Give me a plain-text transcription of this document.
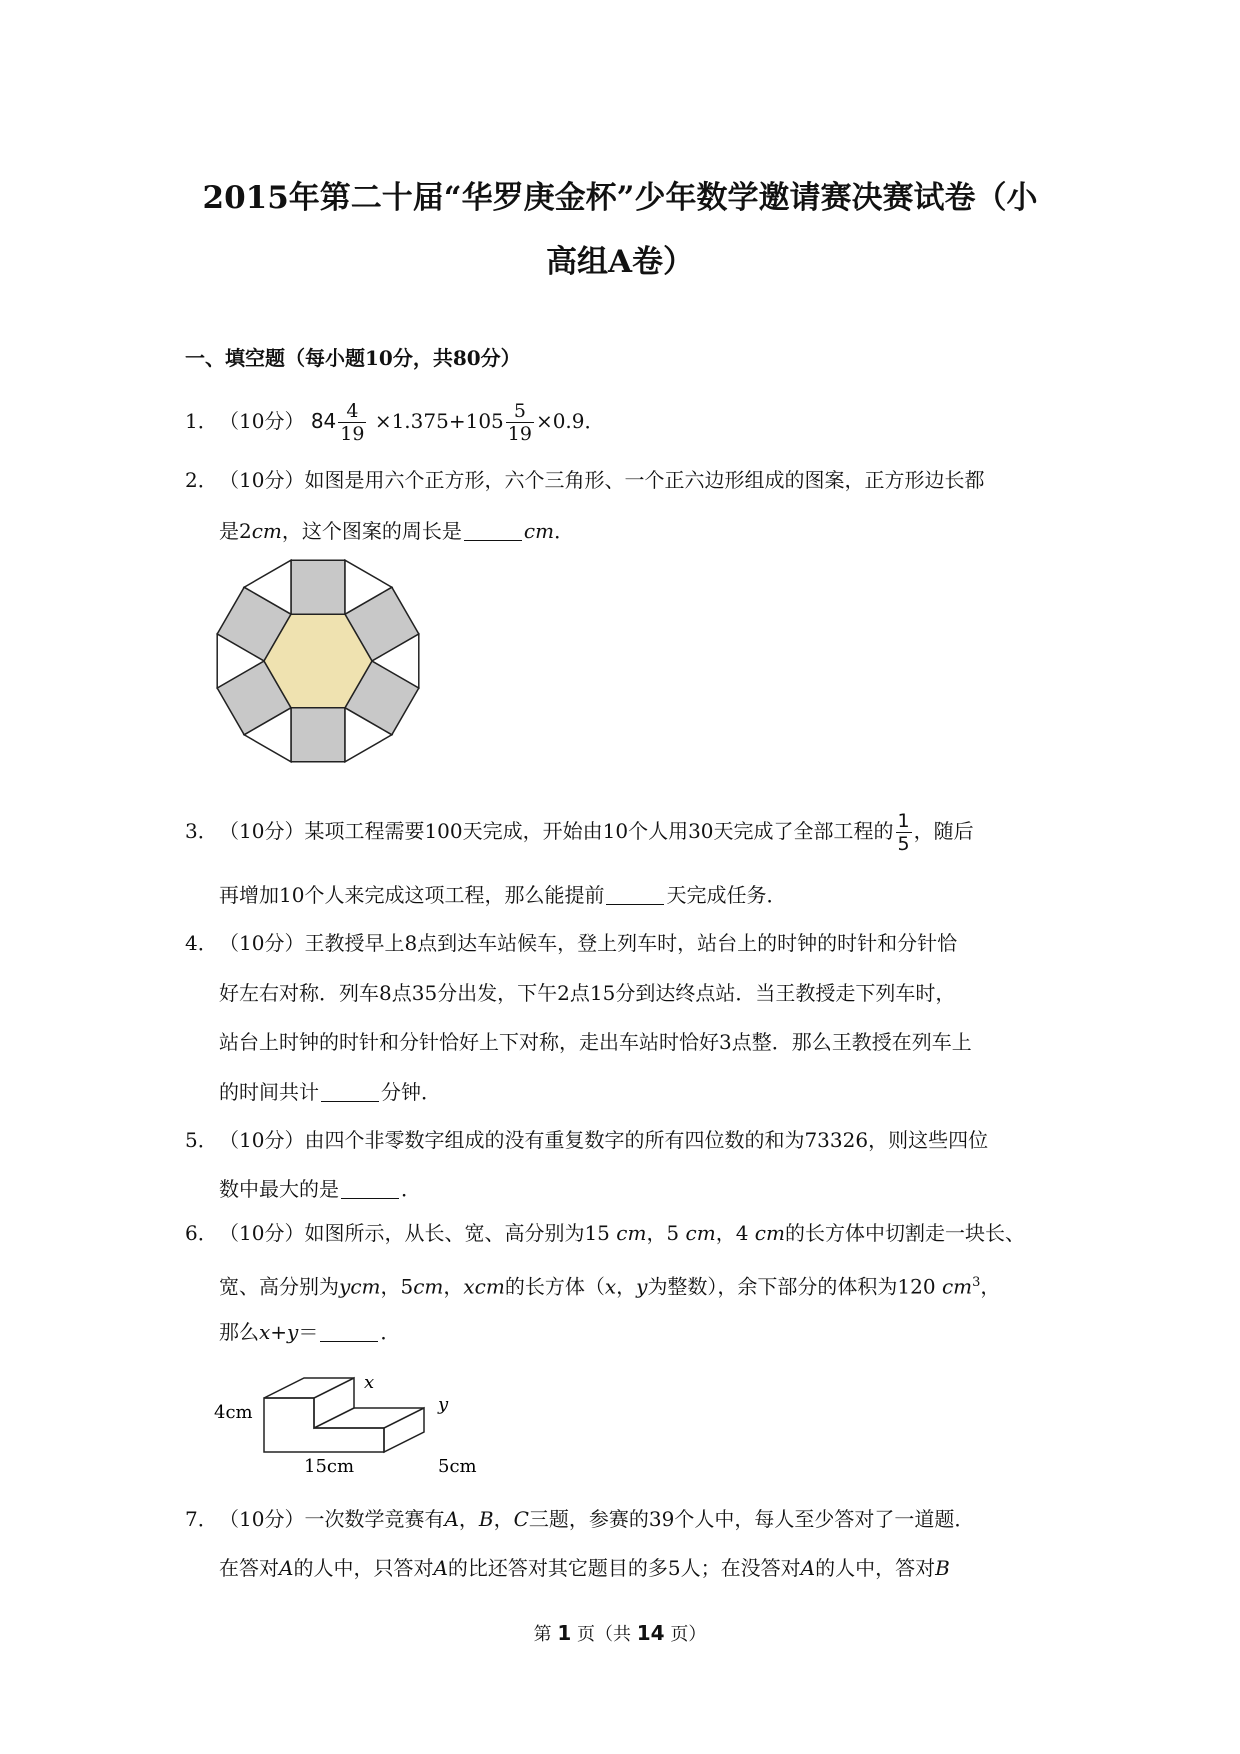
2015年第二十届“华罗庚金杯”少年数学邀请赛决赛试卷（小
高组A卷）
一、填空题（每小题10分，共80分）
1．（10分） $84 \frac{4}{19} \times 1.375+105 \frac{5}{19} \times 0.9$．
2．（10分）如图是用六个正方形，六个三角形、一个正六边形组成的图案，正方形边长都
是2cm，这个图案的周长是	cm．
3．（10分）某项工程需要100天完成，开始由10个人用30天完成了全部工程的 $\frac{1}{5}$ ，随后
再增加10个人来完成这项工程，那么能提前	天完成任务．
4．（10分）王教授早上8点到达车站候车，登上列车时，站台上的时钟的时针和分针恰
好左右对称．列车8点35分出发，下午2点15分到达终点站．当王教授走下列车时，
站台上时钟的时针和分针恰好上下对称，走出车站时恰好3点整．那么王教授在列车上
的时间共计	分钟．
5．（10分）由四个非零数字组成的没有重复数字的所有四位数的和为73326，则这些四位
数中最大的是	．
6．（10分）如图所示，从长、宽、高分别为15 cm，5 cm，4 cm的长方体中切割走一块长、
宽、高分别为ycm，5cm，xcm的长方体（x，y为整数），余下部分的体积为120 $cm^3$，
那么x+y＝	．
4cm
x
y
15cm	5cm
7．（10分）一次数学竞赛有A，B，C三题，参赛的39个人中，每人至少答对了一道题．
在答对A的人中，只答对A的比还答对其它题目的多5人；在没答对A的人中，答对B
第 1 页（共 14 页）
